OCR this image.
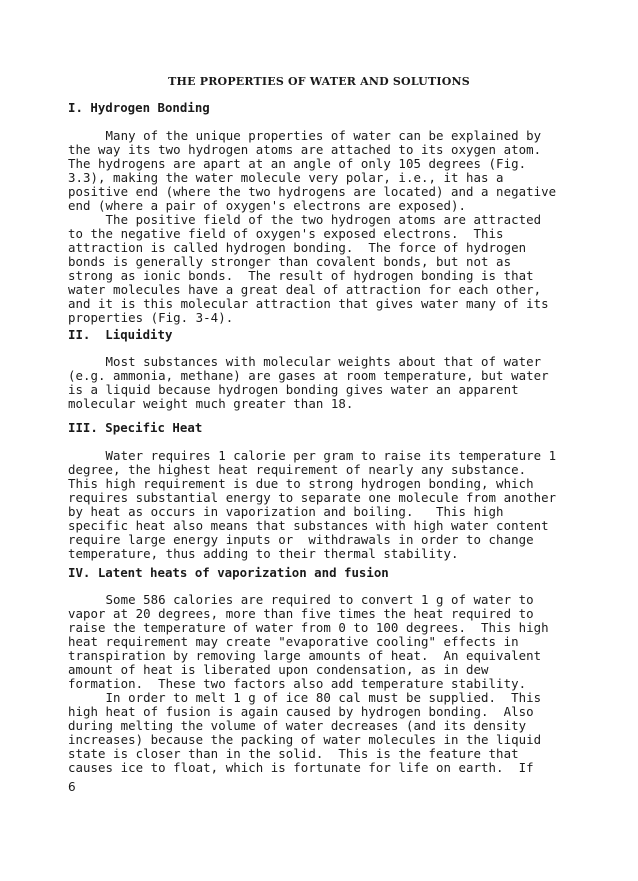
THE PROPERTIES OF WATER AND SOLUTIONS
I. Hydrogen Bonding
Many of the unique properties of water can be explained by
the way its two hydrogen atoms are attached to its oxygen atom.
The hydrogens are apart at an angle of only 105 degrees (Fig.
3.3), making the water molecule very polar, i.e., it has a
positive end (where the two hydrogens are located) and a negative
end (where a pair of oxygen's electrons are exposed).
The positive field of the two hydrogen atoms are attracted
to the negative field of oxygen's exposed electrons.  This
attraction is called hydrogen bonding.  The force of hydrogen
bonds is generally stronger than covalent bonds, but not as
strong as ionic bonds.  The result of hydrogen bonding is that
water molecules have a great deal of attraction for each other,
and it is this molecular attraction that gives water many of its
properties (Fig. 3-4).
II.  Liquidity
Most substances with molecular weights about that of water
(e.g. ammonia, methane) are gases at room temperature, but water
is a liquid because hydrogen bonding gives water an apparent
molecular weight much greater than 18.
III. Specific Heat
Water requires 1 calorie per gram to raise its temperature 1
degree, the highest heat requirement of nearly any substance.
This high requirement is due to strong hydrogen bonding, which
requires substantial energy to separate one molecule from another
by heat as occurs in vaporization and boiling.   This high
specific heat also means that substances with high water content
require large energy inputs or  withdrawals in order to change
temperature, thus adding to their thermal stability.
IV. Latent heats of vaporization and fusion
Some 586 calories are required to convert 1 g of water to
vapor at 20 degrees, more than five times the heat required to
raise the temperature of water from 0 to 100 degrees.  This high
heat requirement may create "evaporative cooling" effects in
transpiration by removing large amounts of heat.  An equivalent
amount of heat is liberated upon condensation, as in dew
formation.  These two factors also add temperature stability.
In order to melt 1 g of ice 80 cal must be supplied.  This
high heat of fusion is again caused by hydrogen bonding.  Also
during melting the volume of water decreases (and its density
increases) because the packing of water molecules in the liquid
state is closer than in the solid.  This is the feature that
causes ice to float, which is fortunate for life on earth.  If
6
